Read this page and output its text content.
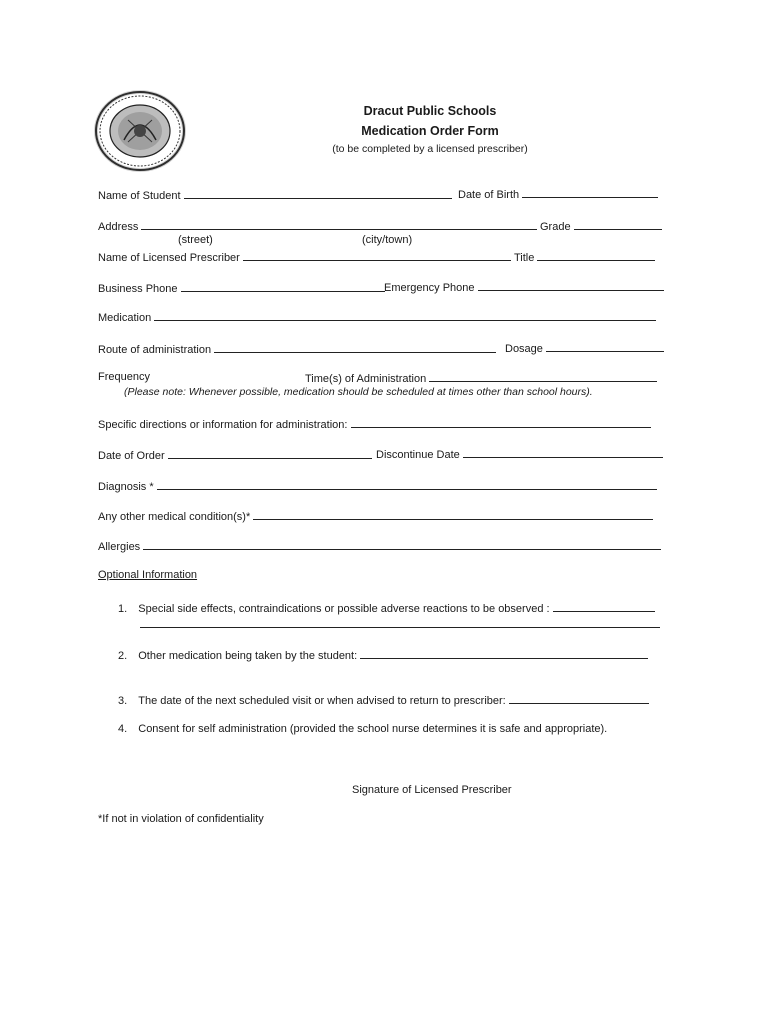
Dracut Public Schools
Medication Order Form
(to be completed by a licensed prescriber)
Name of Student	Date of Birth
Address	Grade
(street)	(city/town)
Name of Licensed Prescriber	Title
Business Phone	Emergency Phone
Medication
Route of administration	Dosage
Frequency	Time(s) of Administration
(Please note: Whenever possible, medication should be scheduled at times other than school hours).
Specific directions or information for administration:
Date of Order	Discontinue Date
Diagnosis *
Any other medical condition(s)*
Allergies
Optional Information
1. Special side effects, contraindications or possible adverse reactions to be observed :
2. Other medication being taken by the student:
3. The date of the next scheduled visit or when advised to return to prescriber:
4. Consent for self administration (provided the school nurse determines it is safe and appropriate).
Signature of Licensed Prescriber
*If not in violation of confidentiality
